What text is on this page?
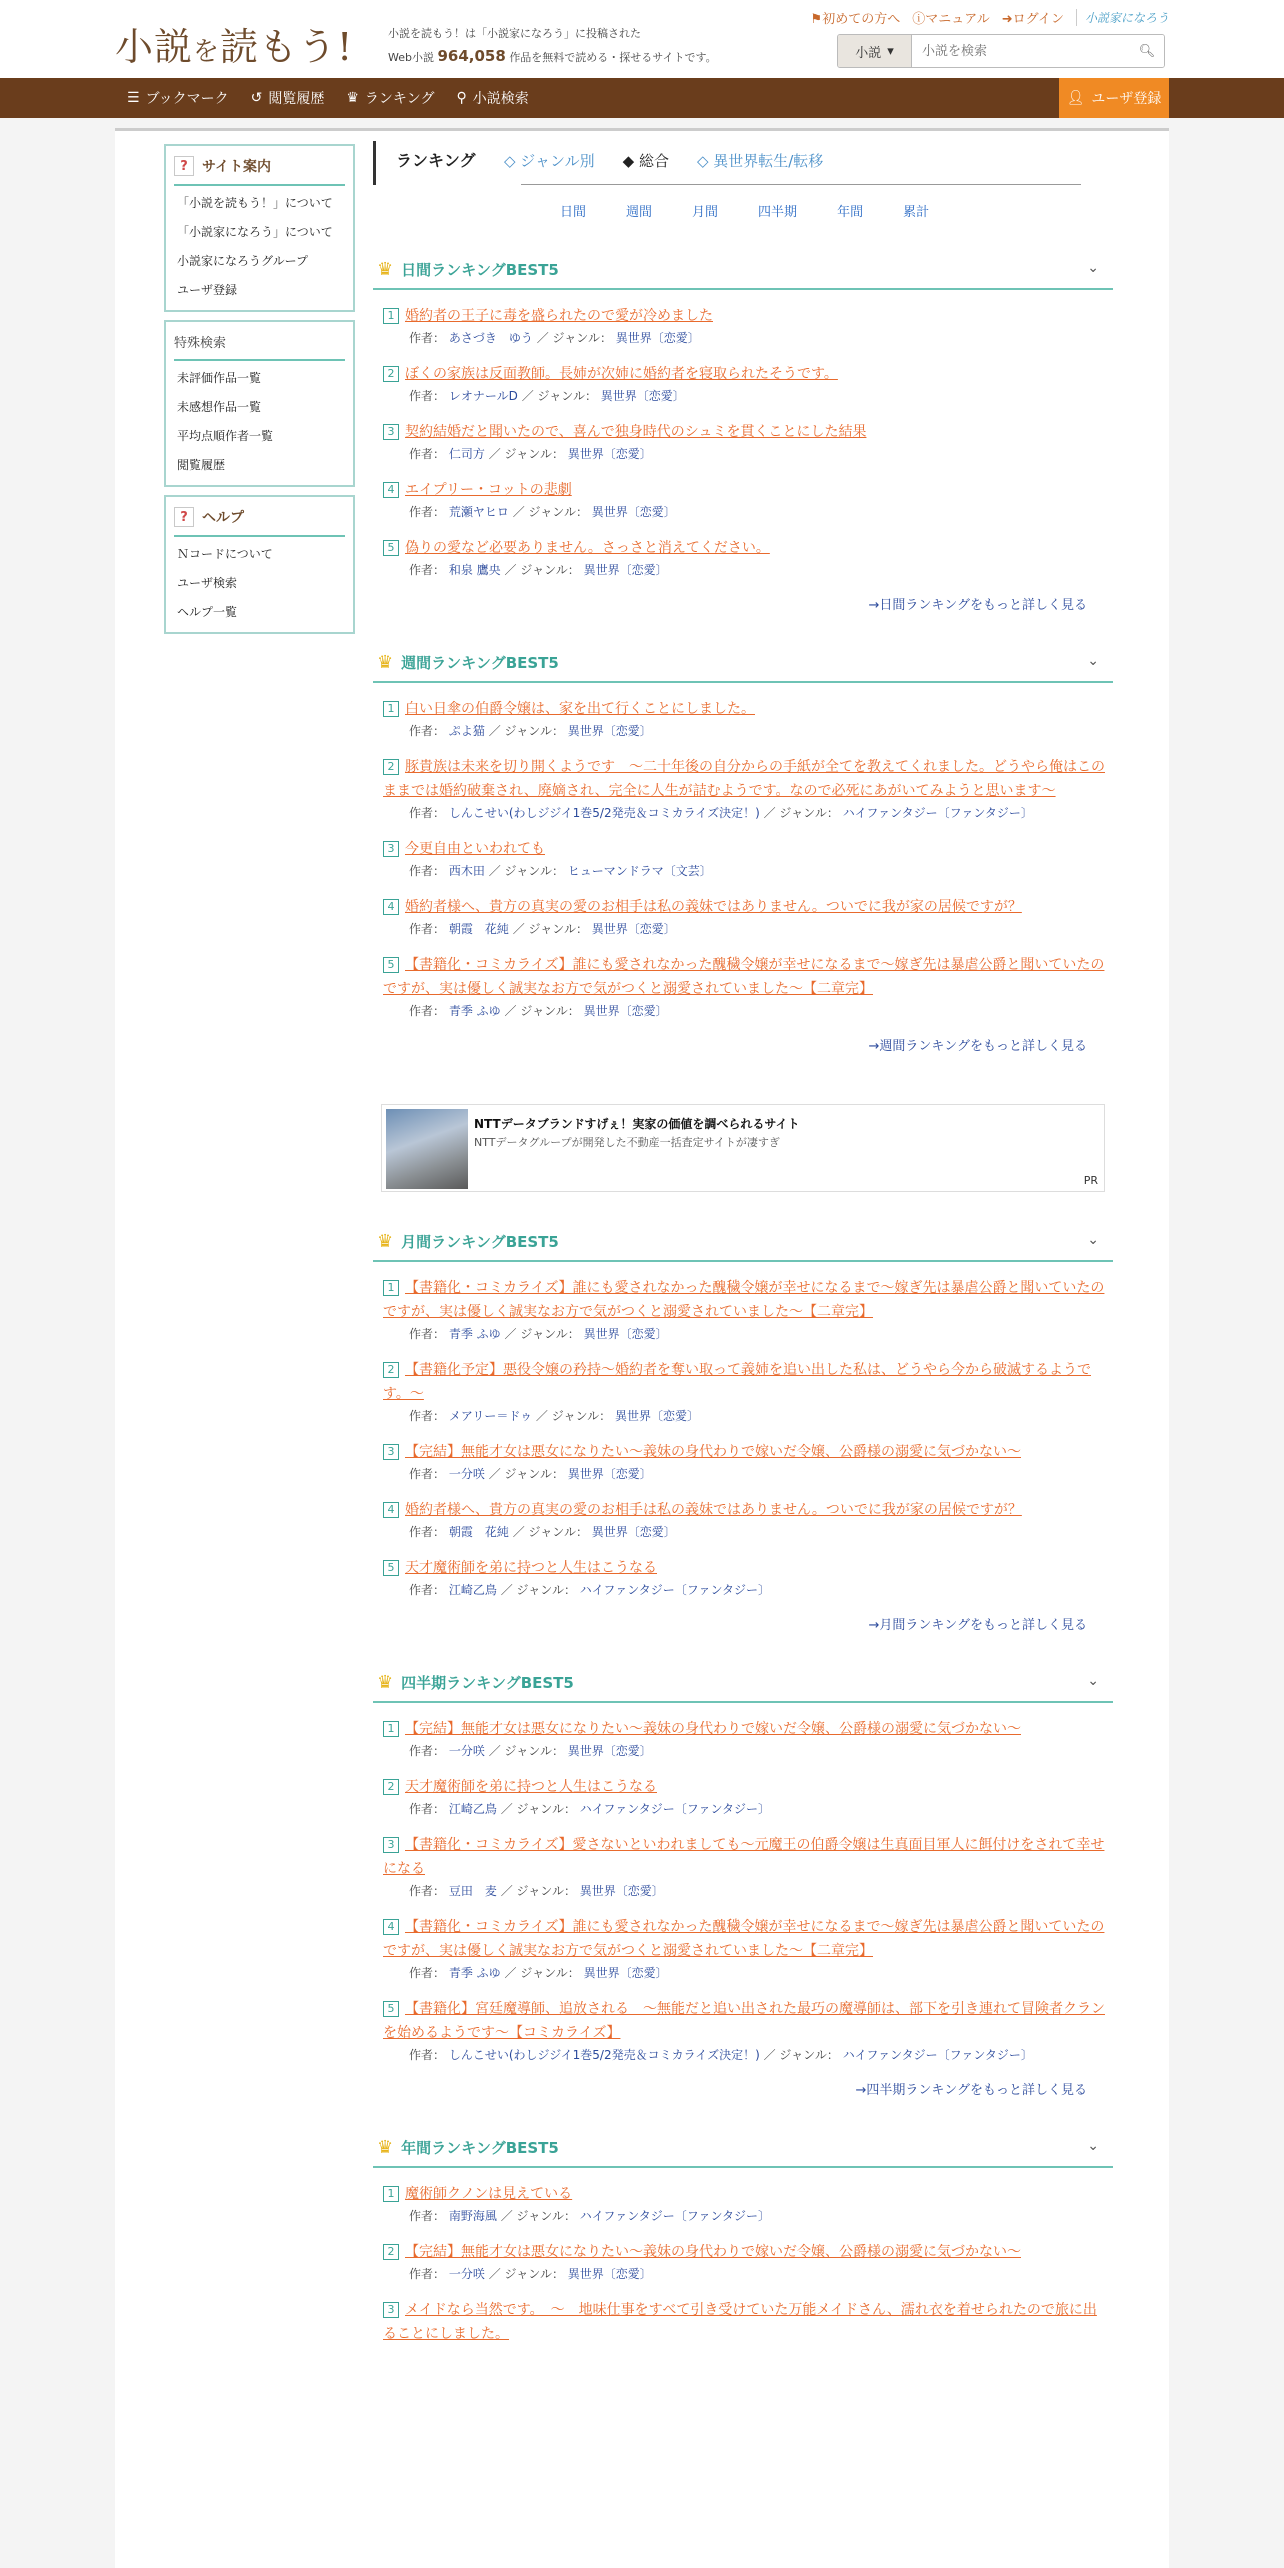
小説を読もう!	小説を読もう！は「小説家になろう」に投稿された
Web小説 964,058 作品を無料で読める・探せるサイトです。
⚑初めての方へ ⓘマニュアル ➜ログイン	小説家になろう
小説 ▾
小説を検索	🔍︎
☰ ブックマーク ↺ 閲覧履歴 ♛ ランキング ⚲ 小説検索	👤︎ ユーザ登録
?	サイト案内
「小説を読もう！」について
「小説家になろう」について
小説家になろうグループ
ユーザ登録
特殊検索
未評価作品一覧
未感想作品一覧
平均点順作者一覧
閲覧履歴
?	ヘルプ
Ｎコードについて
ユーザ検索
ヘルプ一覧
ランキング	◇ ジャンル別 ◆ 総合 ◇ 異世界転生/転移
日間	週間	月間	四半期	年間	累計
♛ 日間ランキングBEST5	⌄
1 婚約者の王子に毒を盛られたので愛が冷めました
作者： あさづき　ゆう ／ ジャンル： 異世界〔恋愛〕
2 ぼくの家族は反面教師。長姉が次姉に婚約者を寝取られたそうです。
作者： レオナールD ／ ジャンル： 異世界〔恋愛〕
3 契約結婚だと聞いたので、喜んで独身時代のシュミを貫くことにした結果
作者： 仁司方 ／ ジャンル： 異世界〔恋愛〕
4 エイプリー・コットの悲劇
作者： 荒瀬ヤヒロ ／ ジャンル： 異世界〔恋愛〕
5 偽りの愛など必要ありません。さっさと消えてください。
作者： 和泉 鷹央 ／ ジャンル： 異世界〔恋愛〕
→日間ランキングをもっと詳しく見る
♛ 週間ランキングBEST5	⌄
1 白い日傘の伯爵令嬢は、家を出て行くことにしました。
作者： ぷよ猫 ／ ジャンル： 異世界〔恋愛〕
2 豚貴族は未来を切り開くようです　～二十年後の自分からの手紙が全てを教えてくれました。どうやら俺はこのままでは婚約破棄され、廃嫡され、完全に人生が詰むようです。なので必死にあがいてみようと思います～
作者： しんこせい(わしジジイ1巻5/2発売＆コミカライズ決定！) ／ ジャンル： ハイファンタジー〔ファンタジー〕
3 今更自由といわれても
作者： 西木田 ／ ジャンル： ヒューマンドラマ〔文芸〕
4 婚約者様へ、貴方の真実の愛のお相手は私の義妹ではありません。ついでに我が家の居候ですが？
作者： 朝霞　花純 ／ ジャンル： 異世界〔恋愛〕
5 【書籍化・コミカライズ】誰にも愛されなかった醜穢令嬢が幸せになるまで〜嫁ぎ先は暴虐公爵と聞いていたのですが、実は優しく誠実なお方で気がつくと溺愛されていました〜【二章完】
作者： 青季 ふゆ ／ ジャンル： 異世界〔恋愛〕
→週間ランキングをもっと詳しく見る
NTTデータブランドすげぇ！実家の価値を調べられるサイト
NTTデータグループが開発した不動産一括査定サイトが凄すぎ
PR
♛ 月間ランキングBEST5	⌄
1 【書籍化・コミカライズ】誰にも愛されなかった醜穢令嬢が幸せになるまで〜嫁ぎ先は暴虐公爵と聞いていたのですが、実は優しく誠実なお方で気がつくと溺愛されていました〜【二章完】
作者： 青季 ふゆ ／ ジャンル： 異世界〔恋愛〕
2 【書籍化予定】悪役令嬢の矜持〜婚約者を奪い取って義姉を追い出した私は、どうやら今から破滅するようです。〜
作者： メアリー＝ドゥ ／ ジャンル： 異世界〔恋愛〕
3 【完結】無能才女は悪女になりたい～義妹の身代わりで嫁いだ令嬢、公爵様の溺愛に気づかない～
作者： 一分咲 ／ ジャンル： 異世界〔恋愛〕
4 婚約者様へ、貴方の真実の愛のお相手は私の義妹ではありません。ついでに我が家の居候ですが？
作者： 朝霞　花純 ／ ジャンル： 異世界〔恋愛〕
5 天才魔術師を弟に持つと人生はこうなる
作者： 江崎乙鳥 ／ ジャンル： ハイファンタジー〔ファンタジー〕
→月間ランキングをもっと詳しく見る
♛ 四半期ランキングBEST5	⌄
1 【完結】無能才女は悪女になりたい～義妹の身代わりで嫁いだ令嬢、公爵様の溺愛に気づかない～
作者： 一分咲 ／ ジャンル： 異世界〔恋愛〕
2 天才魔術師を弟に持つと人生はこうなる
作者： 江崎乙鳥 ／ ジャンル： ハイファンタジー〔ファンタジー〕
3 【書籍化・コミカライズ】愛さないといわれましても～元魔王の伯爵令嬢は生真面目軍人に餌付けをされて幸せになる
作者： 豆田　麦 ／ ジャンル： 異世界〔恋愛〕
4 【書籍化・コミカライズ】誰にも愛されなかった醜穢令嬢が幸せになるまで〜嫁ぎ先は暴虐公爵と聞いていたのですが、実は優しく誠実なお方で気がつくと溺愛されていました〜【二章完】
作者： 青季 ふゆ ／ ジャンル： 異世界〔恋愛〕
5 【書籍化】宮廷魔導師、追放される　～無能だと追い出された最巧の魔導師は、部下を引き連れて冒険者クランを始めるようです～【コミカライズ】
作者： しんこせい(わしジジイ1巻5/2発売＆コミカライズ決定！) ／ ジャンル： ハイファンタジー〔ファンタジー〕
→四半期ランキングをもっと詳しく見る
♛ 年間ランキングBEST5	⌄
1 魔術師クノンは見えている
作者： 南野海風 ／ ジャンル： ハイファンタジー〔ファンタジー〕
2 【完結】無能才女は悪女になりたい～義妹の身代わりで嫁いだ令嬢、公爵様の溺愛に気づかない～
作者： 一分咲 ／ ジャンル： 異世界〔恋愛〕
3 メイドなら当然です。　～　地味仕事をすべて引き受けていた万能メイドさん、濡れ衣を着せられたので旅に出ることにしました。
